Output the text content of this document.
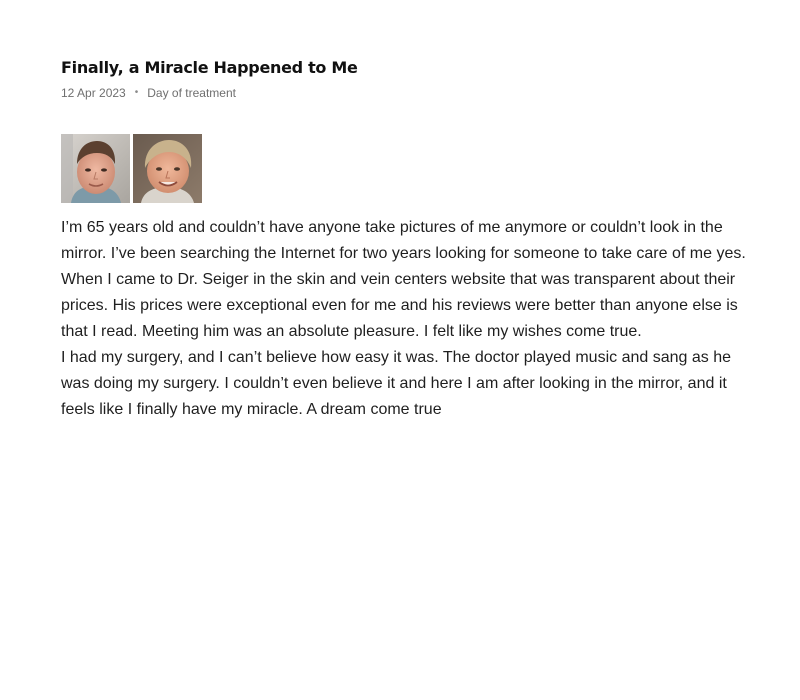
Finally, a Miracle Happened to Me
12 Apr 2023 • Day of treatment

I’m 65 years old and couldn’t have anyone take pictures of me anymore or couldn’t look in the mirror. I’ve been searching the Internet for two years looking for someone to take care of me yes. When I came to Dr. Seiger in the skin and vein centers website that was transparent about their prices. His prices were exceptional even for me and his reviews were better than anyone else is that I read. Meeting him was an absolute pleasure. I felt like my wishes come true.

I had my surgery, and I can’t believe how easy it was. The doctor played music and sang as he was doing my surgery. I couldn’t even believe it and here I am after looking in the mirror, and it feels like I finally have my miracle. A dream come true
